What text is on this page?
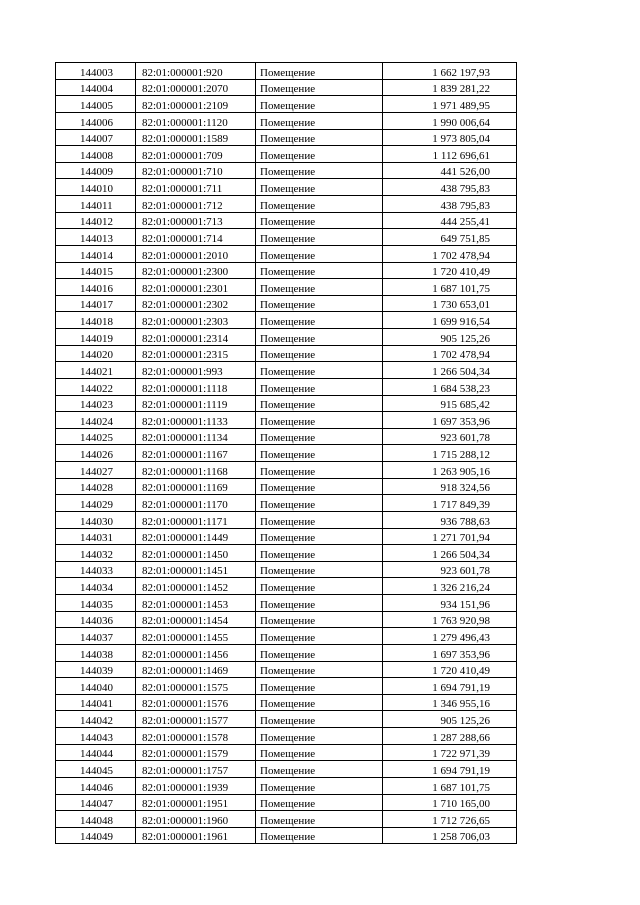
144003	82:01:000001:920	Помещение	1 662 197,93
144004	82:01:000001:2070	Помещение	1 839 281,22
144005	82:01:000001:2109	Помещение	1 971 489,95
144006	82:01:000001:1120	Помещение	1 990 006,64
144007	82:01:000001:1589	Помещение	1 973 805,04
144008	82:01:000001:709	Помещение	1 112 696,61
144009	82:01:000001:710	Помещение	441 526,00
144010	82:01:000001:711	Помещение	438 795,83
144011	82:01:000001:712	Помещение	438 795,83
144012	82:01:000001:713	Помещение	444 255,41
144013	82:01:000001:714	Помещение	649 751,85
144014	82:01:000001:2010	Помещение	1 702 478,94
144015	82:01:000001:2300	Помещение	1 720 410,49
144016	82:01:000001:2301	Помещение	1 687 101,75
144017	82:01:000001:2302	Помещение	1 730 653,01
144018	82:01:000001:2303	Помещение	1 699 916,54
144019	82:01:000001:2314	Помещение	905 125,26
144020	82:01:000001:2315	Помещение	1 702 478,94
144021	82:01:000001:993	Помещение	1 266 504,34
144022	82:01:000001:1118	Помещение	1 684 538,23
144023	82:01:000001:1119	Помещение	915 685,42
144024	82:01:000001:1133	Помещение	1 697 353,96
144025	82:01:000001:1134	Помещение	923 601,78
144026	82:01:000001:1167	Помещение	1 715 288,12
144027	82:01:000001:1168	Помещение	1 263 905,16
144028	82:01:000001:1169	Помещение	918 324,56
144029	82:01:000001:1170	Помещение	1 717 849,39
144030	82:01:000001:1171	Помещение	936 788,63
144031	82:01:000001:1449	Помещение	1 271 701,94
144032	82:01:000001:1450	Помещение	1 266 504,34
144033	82:01:000001:1451	Помещение	923 601,78
144034	82:01:000001:1452	Помещение	1 326 216,24
144035	82:01:000001:1453	Помещение	934 151,96
144036	82:01:000001:1454	Помещение	1 763 920,98
144037	82:01:000001:1455	Помещение	1 279 496,43
144038	82:01:000001:1456	Помещение	1 697 353,96
144039	82:01:000001:1469	Помещение	1 720 410,49
144040	82:01:000001:1575	Помещение	1 694 791,19
144041	82:01:000001:1576	Помещение	1 346 955,16
144042	82:01:000001:1577	Помещение	905 125,26
144043	82:01:000001:1578	Помещение	1 287 288,66
144044	82:01:000001:1579	Помещение	1 722 971,39
144045	82:01:000001:1757	Помещение	1 694 791,19
144046	82:01:000001:1939	Помещение	1 687 101,75
144047	82:01:000001:1951	Помещение	1 710 165,00
144048	82:01:000001:1960	Помещение	1 712 726,65
144049	82:01:000001:1961	Помещение	1 258 706,03
